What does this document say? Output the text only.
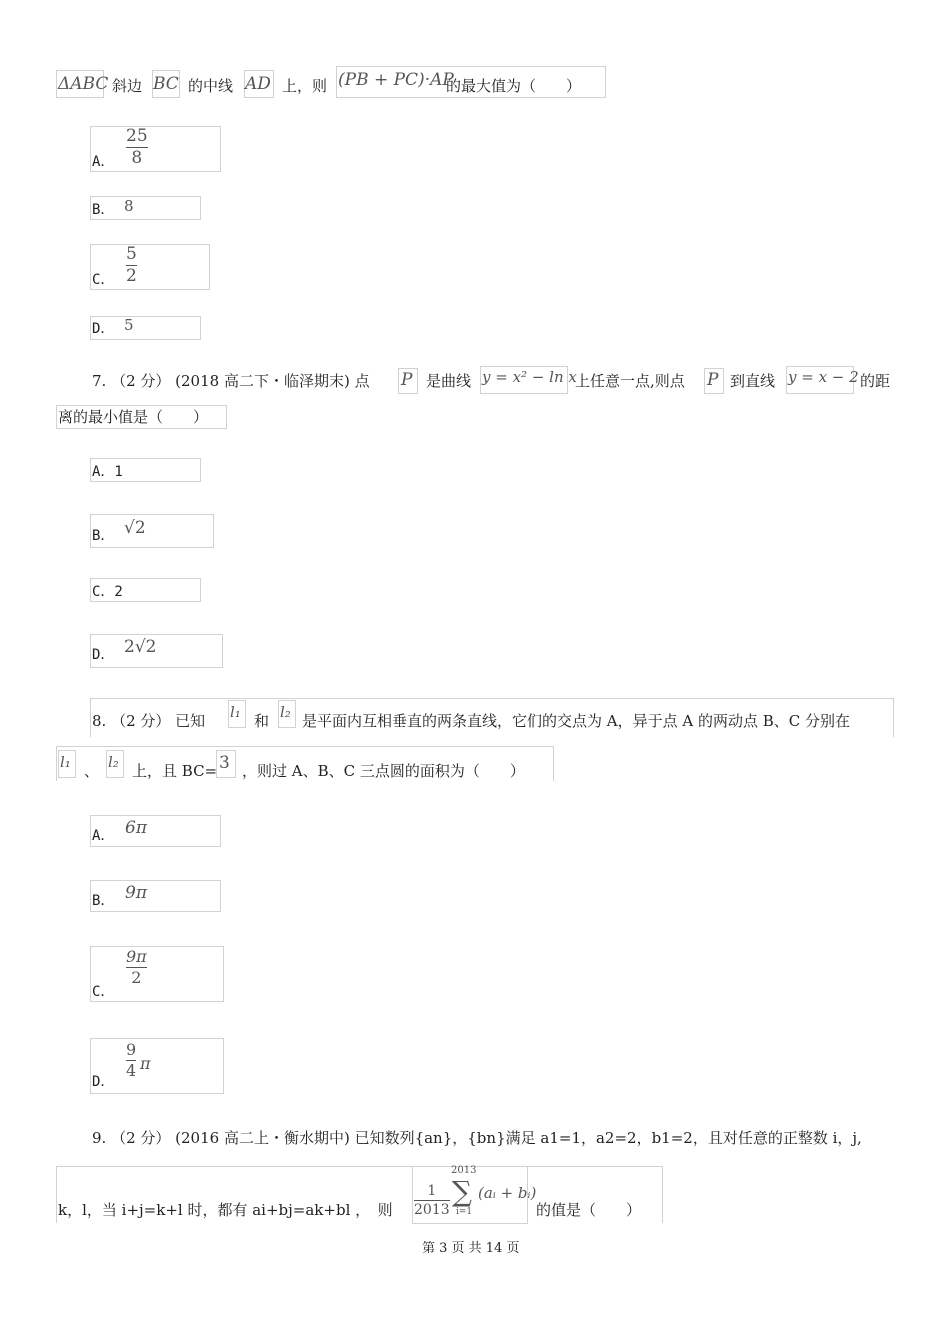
ΔABC 斜边 BC 的中线 AD 上，则 (PB + PC)·AP
的最大值为（　　）
A．
25
8
B． 8
C．
5
2
D． 5
7. （2 分） (2018 高二下・临泽期末) 点 P 是曲线 y = x² − ln x
上任意一点,则点 P 到直线 y = x − 2 的距
离的最小值是（　　）
A．1
B． √2
C．2
D． 2√2
8. （2 分） 已知 l₁ 和 l₂ 是平面内互相垂直的两条直线，它们的交点为 A，异于点 A 的两动点 B、C 分别在
l₁ 、 l₂ 上，且 BC= 3 ，则过 A、B、C 三点圆的面积为（　　）
A． 6π
B． 9π
C．
9π
2
D．
9
4 π
9. （2 分） (2016 高二上・衡水期中) 已知数列{an}，{bn}满足 a1=1，a2=2，b1=2，且对任意的正整数 i，j,
k，l，当 i+j=k+l 时，都有 ai+bj=ak+bl ，　则
1
2013
2013
∑
i=1
(aᵢ + bᵢ)
的值是（　　）
第 3 页 共 14 页
